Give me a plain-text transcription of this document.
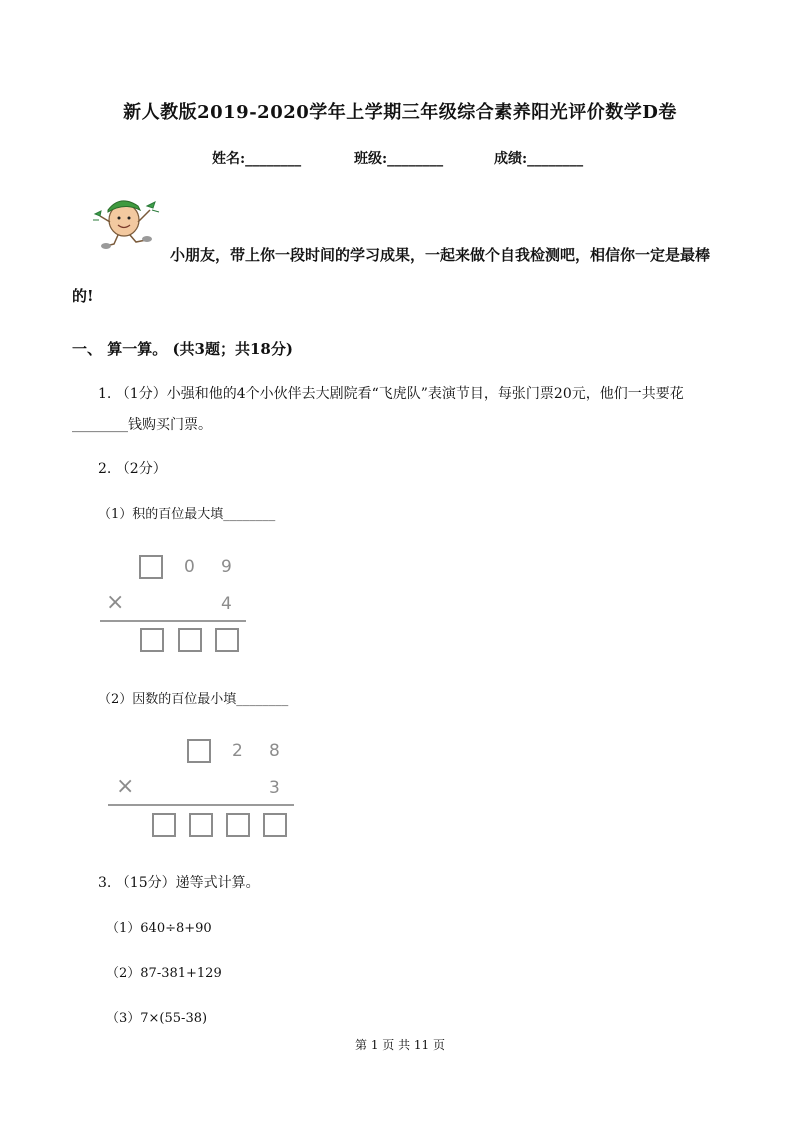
新人教版2019-2020学年上学期三年级综合素养阳光评价数学D卷
姓名:________	班级:________	成绩:________
小朋友，带上你一段时间的学习成果，一起来做个自我检测吧，相信你一定是最棒
的!
一、 算一算。 (共3题；共18分)
1. （1分）小强和他的4个小伙伴去大剧院看“飞虎队”表演节目，每张门票20元，他们一共要花
________钱购买门票。
2. （2分）
（1）积的百位最大填________
0 9
×	4
（2）因数的百位最小填________
2 8
×	3
3. （15分）递等式计算。
（1）640÷8+90
（2）87-381+129
（3）7×(55-38)
第 1 页 共 11 页
